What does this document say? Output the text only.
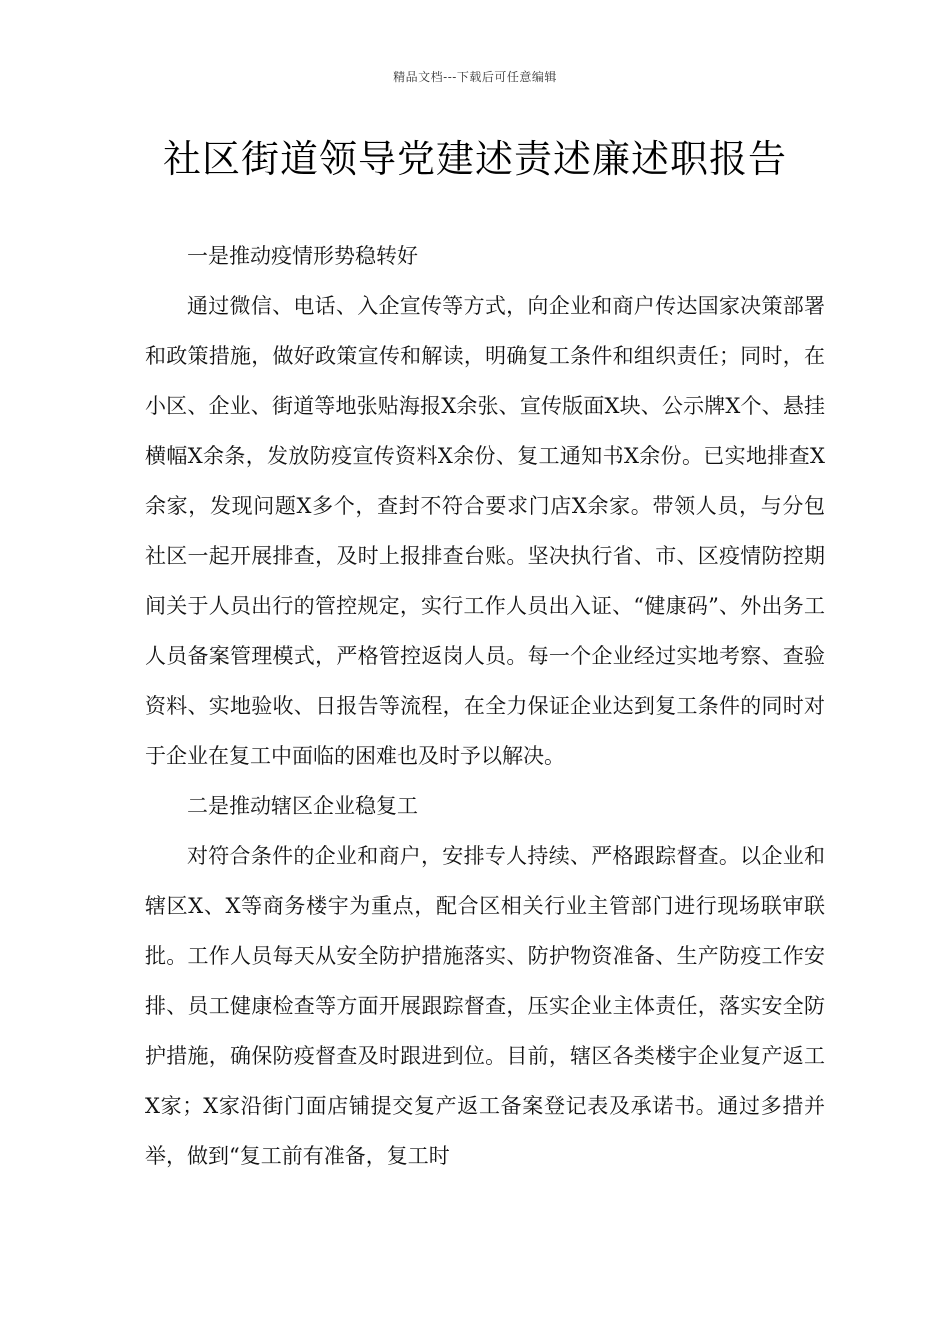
精品文档---下载后可任意编辑
社区街道领导党建述责述廉述职报告

一是推动疫情形势稳转好

通过微信、电话、入企宣传等方式，向企业和商户传达国家决策部署和政策措施，做好政策宣传和解读，明确复工条件和组织责任；同时，在小区、企业、街道等地张贴海报X余张、宣传版面X块、公示牌X个、悬挂横幅X余条，发放防疫宣传资料X余份、复工通知书X余份。已实地排查X余家，发现问题X多个，查封不符合要求门店X余家。带领人员，与分包社区一起开展排查，及时上报排查台账。坚决执行省、市、区疫情防控期间关于人员出行的管控规定，实行工作人员出入证、“健康码”、外出务工人员备案管理模式，严格管控返岗人员。每一个企业经过实地考察、查验资料、实地验收、日报告等流程，在全力保证企业达到复工条件的同时对于企业在复工中面临的困难也及时予以解决。

二是推动辖区企业稳复工

对符合条件的企业和商户，安排专人持续、严格跟踪督查。以企业和辖区X、X等商务楼宇为重点，配合区相关行业主管部门进行现场联审联批。工作人员每天从安全防护措施落实、防护物资准备、生产防疫工作安排、员工健康检查等方面开展跟踪督查，压实企业主体责任，落实安全防护措施，确保防疫督查及时跟进到位。目前，辖区各类楼宇企业复产返工X家；X家沿街门面店铺提交复产返工备案登记表及承诺书。通过多措并举，做到“复工前有准备，复工时
